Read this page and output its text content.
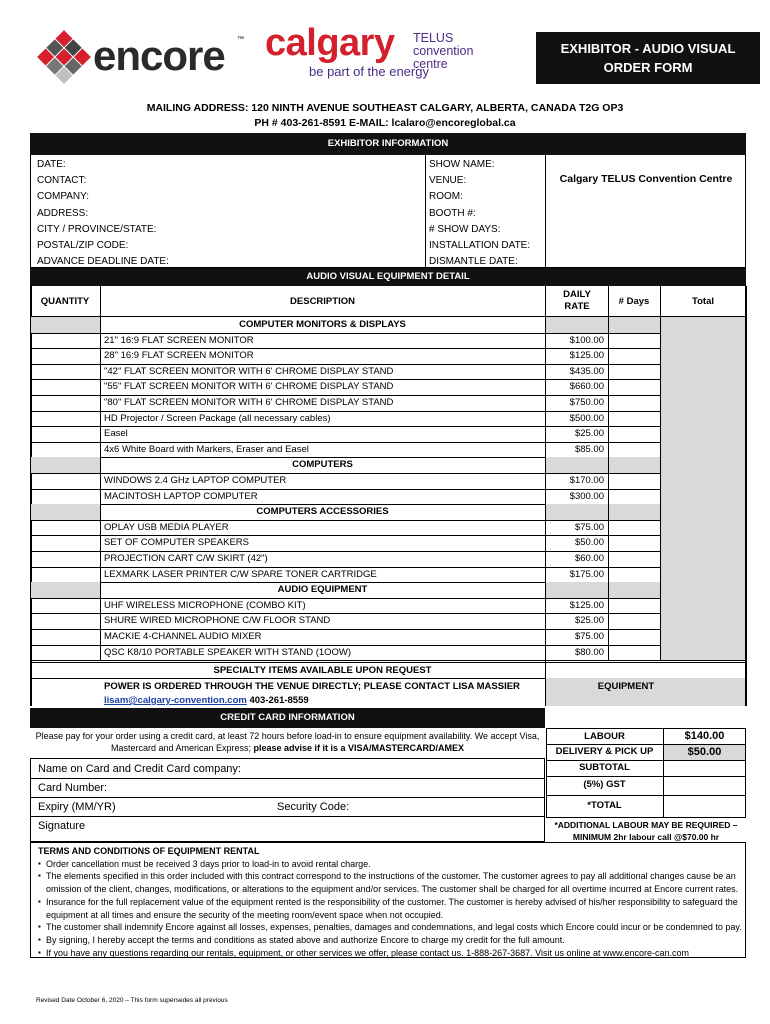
encore ™ calgary TELUS convention
centre
be part of the energy
EXHIBITOR - AUDIO VISUAL
ORDER FORM
MAILING ADDRESS: 120 NINTH AVENUE SOUTHEAST CALGARY, ALBERTA, CANADA T2G OP3
PH # 403-261-8591 E-MAIL: lcalaro@encoreglobal.ca
EXHIBITOR INFORMATION
DATE:
CONTACT:
COMPANY:
ADDRESS:
CITY / PROVINCE/STATE:
POSTAL/ZIP CODE:
ADVANCE DEADLINE DATE:
SHOW NAME:
VENUE:
ROOM:
BOOTH #:
# SHOW DAYS:
INSTALLATION DATE:
DISMANTLE DATE:
Calgary TELUS Convention Centre
AUDIO VISUAL EQUIPMENT DETAIL
QUANTITY	DESCRIPTION
DAILY
RATE	# Days	Total
COMPUTER MONITORS & DISPLAYS
21" 16:9 FLAT SCREEN MONITOR	$100.00
28" 16:9 FLAT SCREEN MONITOR	$125.00
"42" FLAT SCREEN MONITOR WITH 6' CHROME DISPLAY STAND	$435.00
"55" FLAT SCREEN MONITOR WITH 6' CHROME DISPLAY STAND	$660.00
"80" FLAT SCREEN MONITOR WITH 6' CHROME DISPLAY STAND	$750.00
HD Projector / Screen Package (all necessary cables)	$500.00
Easel	$25.00
4x6 White Board with Markers, Eraser and Easel	$85.00
COMPUTERS
WINDOWS 2.4 GHz LAPTOP COMPUTER	$170.00
MACINTOSH LAPTOP COMPUTER	$300.00
COMPUTERS ACCESSORIES
OPLAY USB MEDIA PLAYER	$75.00
SET OF COMPUTER SPEAKERS	$50.00
PROJECTION CART C/W SKIRT (42")	$60.00
LEXMARK LASER PRINTER C/W SPARE TONER CARTRIDGE	$175.00
AUDIO EQUIPMENT
UHF WIRELESS MICROPHONE (COMBO KIT)	$125.00
SHURE WIRED MICROPHONE C/W FLOOR STAND	$25.00
MACKIE 4-CHANNEL AUDIO MIXER	$75.00
QSC K8/10 PORTABLE SPEAKER WITH STAND (1OOW)	$80.00
SPECIALTY ITEMS AVAILABLE UPON REQUEST
POWER IS ORDERED THROUGH THE VENUE DIRECTLY; PLEASE CONTACT LISA MASSIER
lisam@calgary-convention.com 403-261-8559
EQUIPMENT
CREDIT CARD INFORMATION
Please pay for your order using a credit card, at least 72 hours before load-in to ensure equipment availability. We accept Visa,
Mastercard and American Express; please advise if it is a VISA/MASTERCARD/AMEX
Name on Card and Credit Card company:
Card Number:
Expiry (MM/YR)	Security Code:
Signature
LABOUR	$140.00
DELIVERY & PICK UP	$50.00
SUBTOTAL
(5%) GST
*TOTAL
*ADDITIONAL LABOUR MAY BE REQUIRED –
MINIMUM 2hr labour call @$70.00 hr
TERMS AND CONDITIONS OF EQUIPMENT RENTAL
▪ Order cancellation must be received 3 days prior to load-in to avoid rental charge.
▪ The elements specified in this order included with this contract correspond to the instructions of the customer. The customer agrees to pay all additional changes cause be an omission of the client, changes, modifications, or alterations to the equipment and/or services. The customer shall be charged for all overtime incurred at Encore current rates.
▪ Insurance for the full replacement value of the equipment rented is the responsibility of the customer. The customer is hereby advised of his/her responsibility to safeguard the equipment at all times and ensure the security of the meeting room/event space when not occupied.
▪ The customer shall indemnify Encore against all losses, expenses, penalties, damages and condemnations, and legal costs which Encore could incur or be condemned to pay.
▪ By signing, I hereby accept the terms and conditions as stated above and authorize Encore to charge my credit for the full amount.
▪ If you have any questions regarding our rentals, equipment, or other services we offer, please contact us. 1-888-267-3687. Visit us online at www.encore-can.com
Revised Date October 6, 2020 – This form supersedes all previous
